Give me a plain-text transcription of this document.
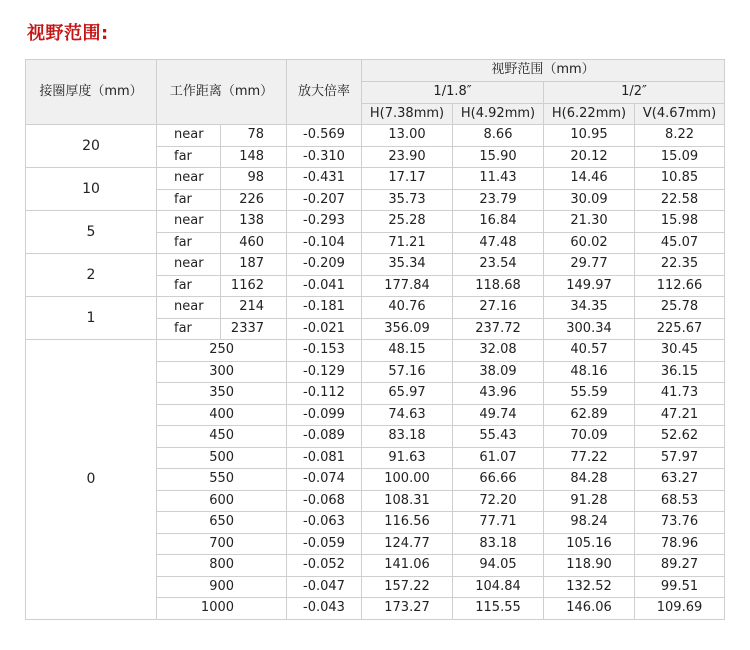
视野范围:
接圈厚度（mm）	工作距离（mm）		放大倍率	视野范围（mm）			
				1/1.8″		1/2″	
				H(7.38mm)	H(4.92mm)	H(6.22mm)	V(4.67mm)
20	near	78	-0.569	13.00	8.66	10.95	8.22
	far	148	-0.310	23.90	15.90	20.12	15.09
10	near	98	-0.431	17.17	11.43	14.46	10.85
	far	226	-0.207	35.73	23.79	30.09	22.58
5	near	138	-0.293	25.28	16.84	21.30	15.98
	far	460	-0.104	71.21	47.48	60.02	45.07
2	near	187	-0.209	35.34	23.54	29.77	22.35
	far	1162	-0.041	177.84	118.68	149.97	112.66
1	near	214	-0.181	40.76	27.16	34.35	25.78
	far	2337	-0.021	356.09	237.72	300.34	225.67
0	250		-0.153	48.15	32.08	40.57	30.45
	300		-0.129	57.16	38.09	48.16	36.15
	350		-0.112	65.97	43.96	55.59	41.73
	400		-0.099	74.63	49.74	62.89	47.21
	450		-0.089	83.18	55.43	70.09	52.62
	500		-0.081	91.63	61.07	77.22	57.97
	550		-0.074	100.00	66.66	84.28	63.27
	600		-0.068	108.31	72.20	91.28	68.53
	650		-0.063	116.56	77.71	98.24	73.76
	700		-0.059	124.77	83.18	105.16	78.96
	800		-0.052	141.06	94.05	118.90	89.27
	900		-0.047	157.22	104.84	132.52	99.51
	1000		-0.043	173.27	115.55	146.06	109.69
